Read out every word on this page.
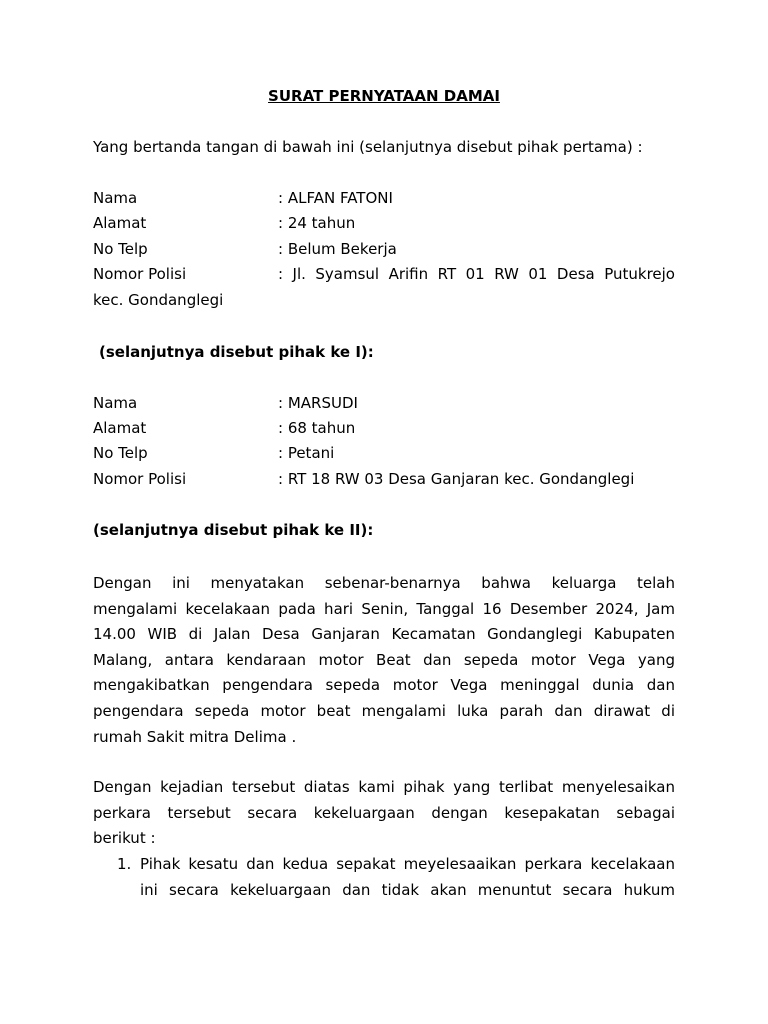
SURAT PERNYATAAN DAMAI
Yang bertanda tangan di bawah ini (selanjutnya disebut pihak pertama) :
Nama	: ALFAN FATONI
Alamat	: 24 tahun
No Telp	: Belum Bekerja
Nomor Polisi	: Jl. Syamsul Arifin RT 01 RW 01 Desa Putukrejo
kec. Gondanglegi
(selanjutnya disebut pihak ke I):
Nama	: MARSUDI
Alamat	: 68 tahun
No Telp	: Petani
Nomor Polisi	: RT 18 RW 03 Desa Ganjaran kec. Gondanglegi
(selanjutnya disebut pihak ke II):
Dengan ini menyatakan sebenar-benarnya bahwa keluarga telah
mengalami kecelakaan pada hari Senin, Tanggal 16 Desember 2024, Jam
14.00 WIB di Jalan Desa Ganjaran Kecamatan Gondanglegi Kabupaten
Malang, antara kendaraan motor Beat dan sepeda motor Vega yang
mengakibatkan pengendara sepeda motor Vega meninggal dunia dan
pengendara sepeda motor beat mengalami luka parah dan dirawat di
rumah Sakit mitra Delima .
Dengan kejadian tersebut diatas kami pihak yang terlibat menyelesaikan
perkara tersebut secara kekeluargaan dengan kesepakatan sebagai
berikut :
1. Pihak kesatu dan kedua sepakat meyelesaaikan perkara kecelakaan
ini secara kekeluargaan dan tidak akan menuntut secara hukum
